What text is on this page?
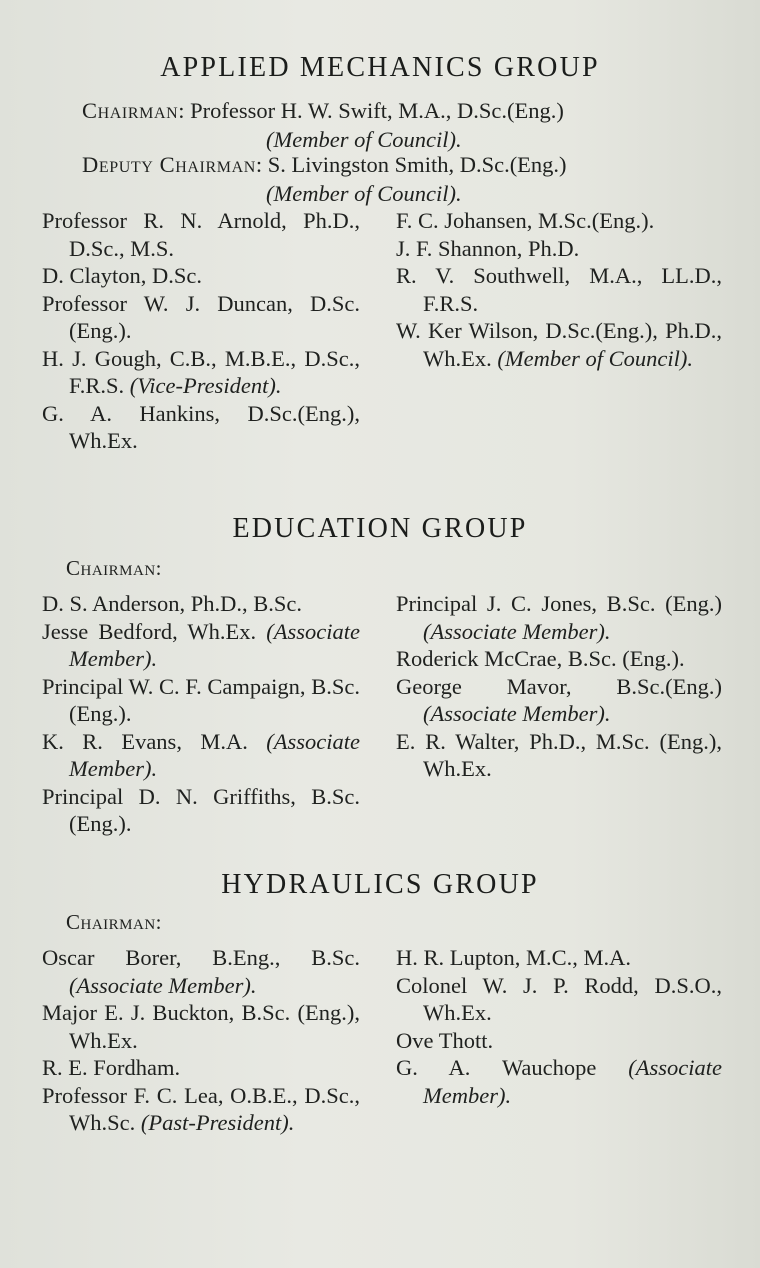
APPLIED MECHANICS GROUP
Chairman: Professor H. W. Swift, M.A., D.Sc.(Eng.)
(Member of Council).
Deputy Chairman: S. Livingston Smith, D.Sc.(Eng.)
(Member of Council).
Professor R. N. Arnold, Ph.D., D.Sc., M.S.
D. Clayton, D.Sc.
Professor W. J. Duncan, D.Sc.(Eng.).
H. J. Gough, C.B., M.B.E., D.Sc., F.R.S. (Vice-President).
G. A. Hankins, D.Sc.(Eng.), Wh.Ex.
F. C. Johansen, M.Sc.(Eng.).
J. F. Shannon, Ph.D.
R. V. Southwell, M.A., LL.D., F.R.S.
W. Ker Wilson, D.Sc.(Eng.), Ph.D., Wh.Ex. (Member of Council).
EDUCATION GROUP
Chairman:
D. S. Anderson, Ph.D., B.Sc.
Jesse Bedford, Wh.Ex. (Associate Member).
Principal W. C. F. Campaign, B.Sc.(Eng.).
K. R. Evans, M.A. (Associate Member).
Principal D. N. Griffiths, B.Sc.(Eng.).
Principal J. C. Jones, B.Sc. (Eng.) (Associate Member).
Roderick McCrae, B.Sc. (Eng.).
George Mavor, B.Sc.(Eng.) (Associate Member).
E. R. Walter, Ph.D., M.Sc. (Eng.), Wh.Ex.
HYDRAULICS GROUP
Chairman:
Oscar Borer, B.Eng., B.Sc. (Associate Member).
Major E. J. Buckton, B.Sc. (Eng.), Wh.Ex.
R. E. Fordham.
Professor F. C. Lea, O.B.E., D.Sc., Wh.Sc. (Past-President).
H. R. Lupton, M.C., M.A.
Colonel W. J. P. Rodd, D.S.O., Wh.Ex.
Ove Thott.
G. A. Wauchope (Associate Member).
